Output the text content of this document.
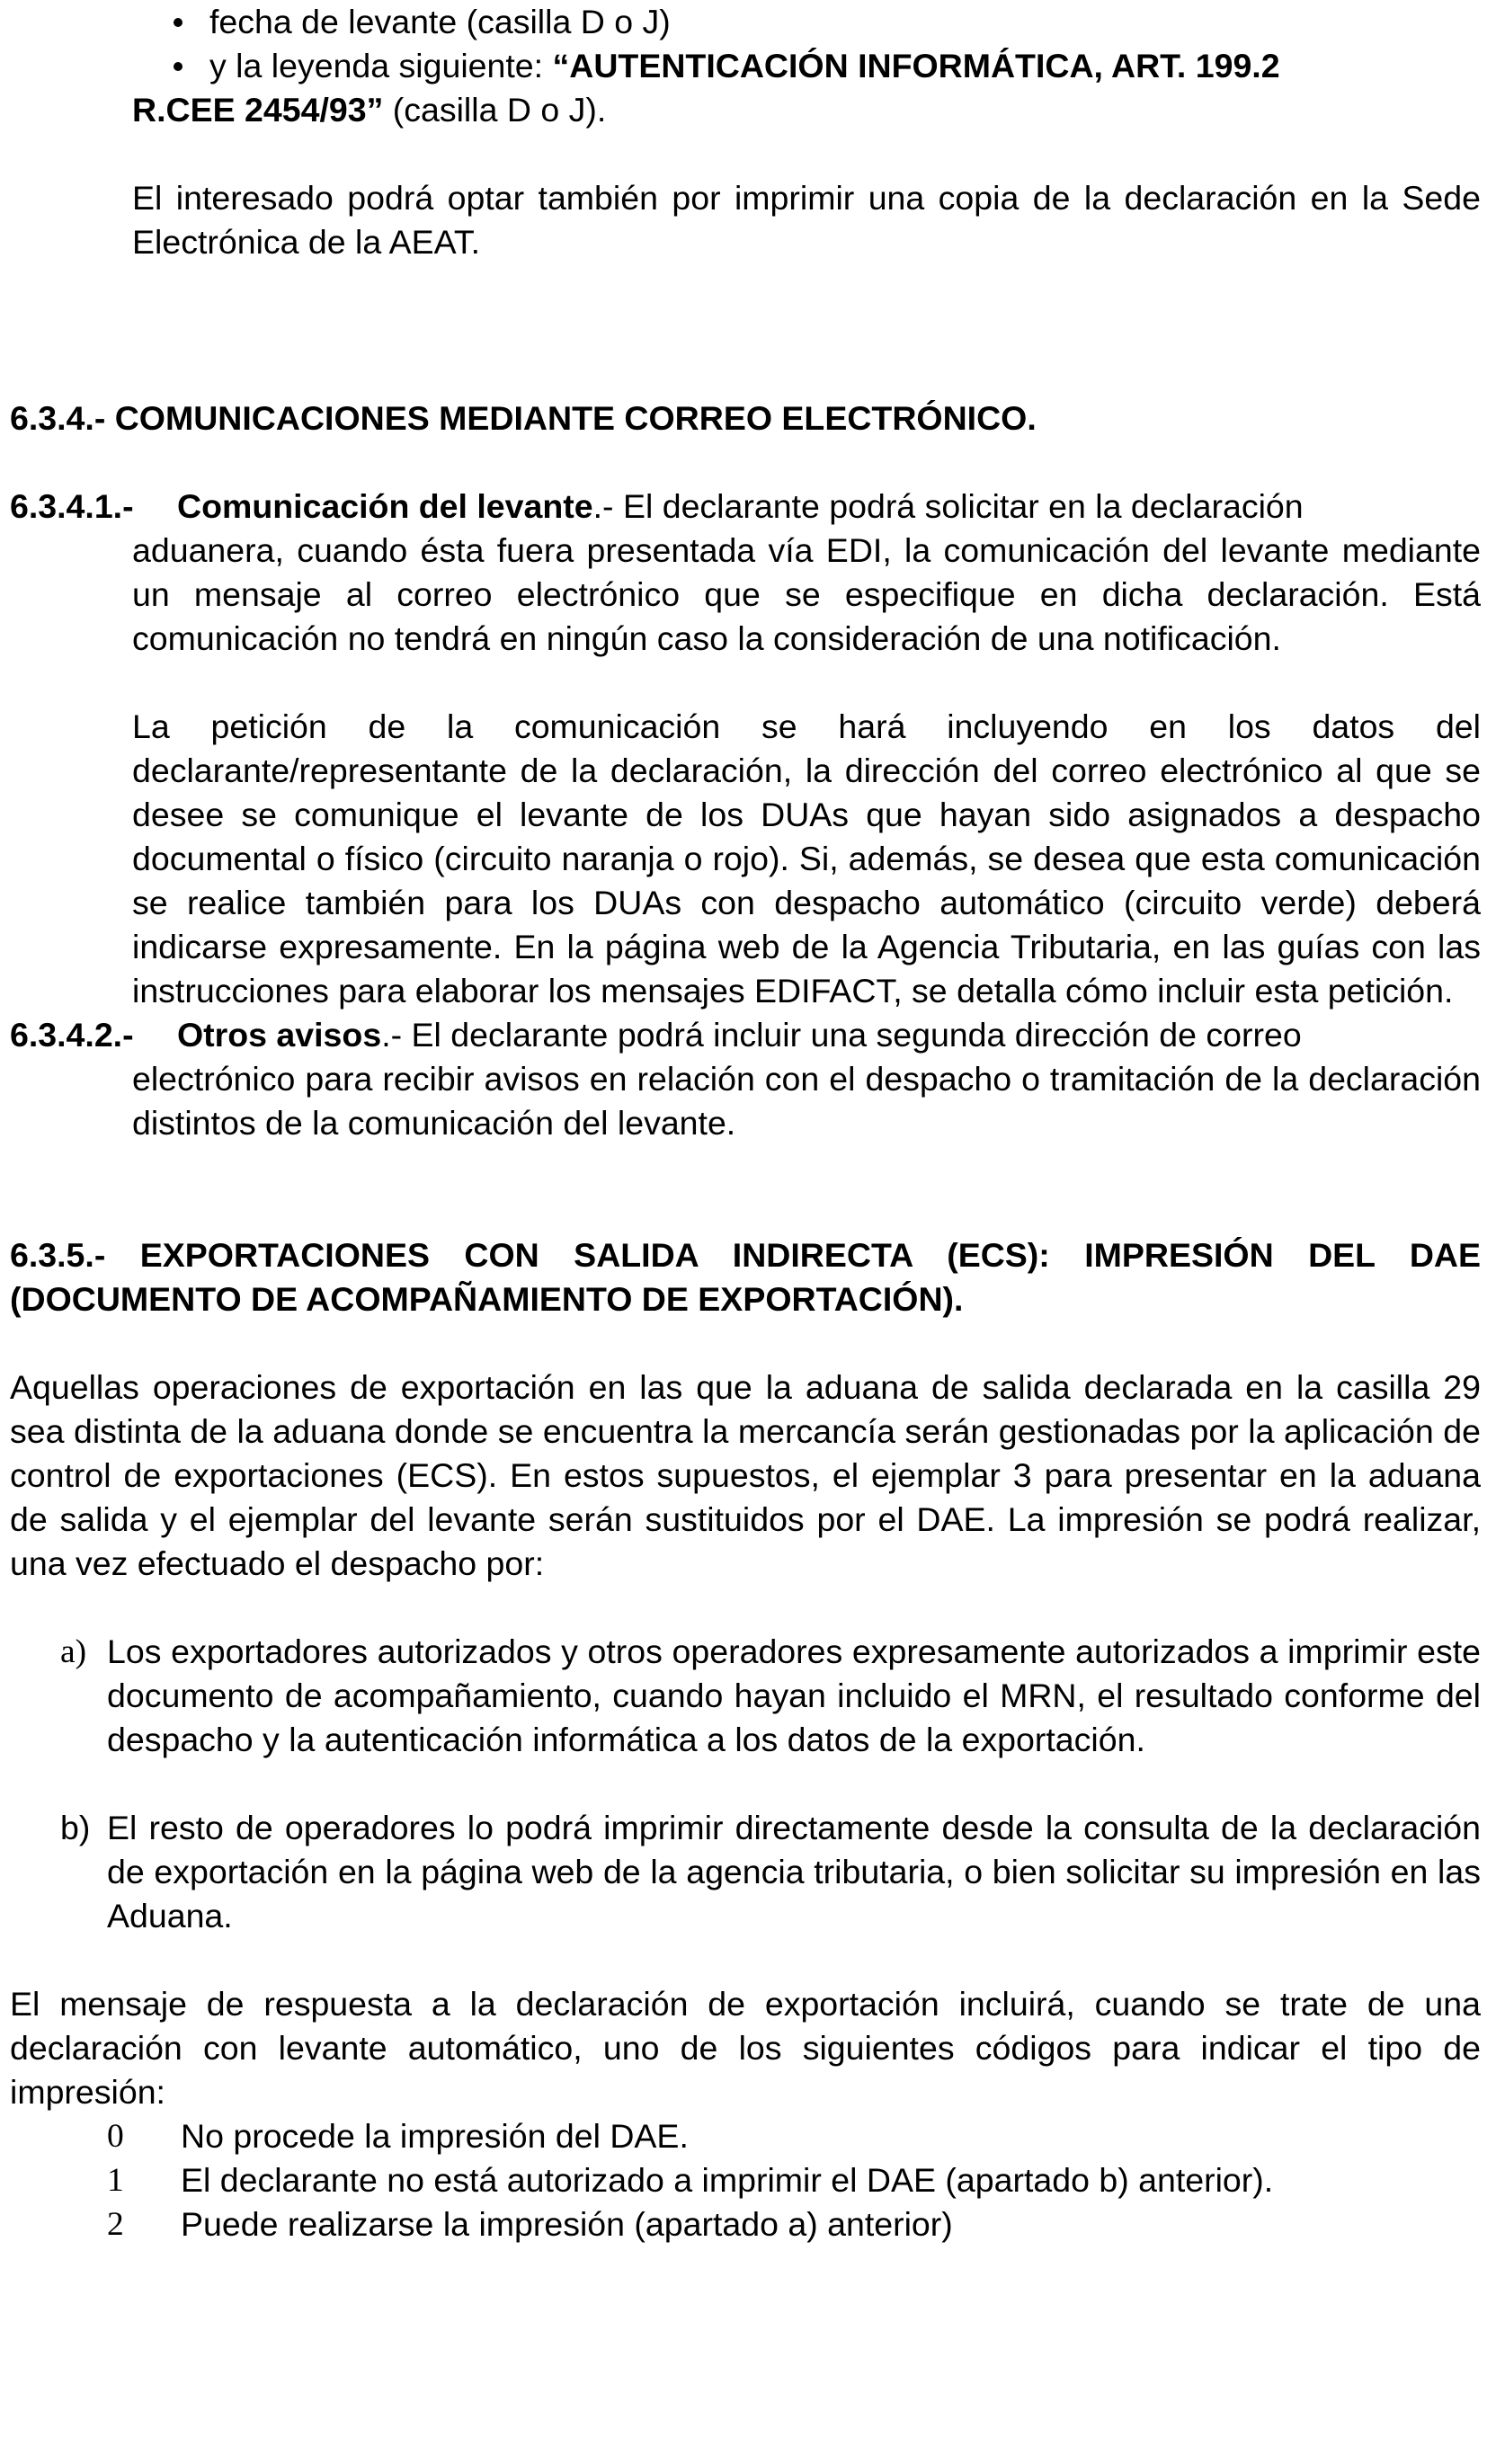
fecha de levante (casilla D o J)
y la leyenda siguiente: “AUTENTICACIÓN INFORMÁTICA, ART. 199.2
R.CEE 2454/93” (casilla D o J).

El interesado podrá optar también por imprimir una copia de la declaración en la Sede Electrónica de la AEAT.

6.3.4.- COMUNICACIONES MEDIANTE CORREO ELECTRÓNICO.

6.3.4.1.- Comunicación del levante.- El declarante podrá solicitar en la declaración

aduanera, cuando ésta fuera presentada vía EDI, la comunicación del levante mediante un mensaje al correo electrónico que se especifique en dicha declaración. Está comunicación no tendrá en ningún caso la consideración de una notificación.

La petición de la comunicación se hará incluyendo en los datos del declarante/representante de la declaración, la dirección del correo electrónico al que se desee se comunique el levante de los DUAs que hayan sido asignados a despacho documental o físico (circuito naranja o rojo). Si, además, se desea que esta comunicación se realice también para los DUAs con despacho automático (circuito verde) deberá indicarse expresamente. En la página web de la Agencia Tributaria, en las guías con las instrucciones para elaborar los mensajes EDIFACT, se detalla cómo incluir esta petición.

6.3.4.2.- Otros avisos.- El declarante podrá incluir una segunda dirección de correo

electrónico para recibir avisos en relación con el despacho o tramitación de la declaración distintos de la comunicación del levante.

6.3.5.- EXPORTACIONES CON SALIDA INDIRECTA (ECS): IMPRESIÓN DEL DAE (DOCUMENTO DE ACOMPAÑAMIENTO DE EXPORTACIÓN).

Aquellas operaciones de exportación en las que la aduana de salida declarada en la casilla 29 sea distinta de la aduana donde se encuentra la mercancía serán gestionadas por la aplicación de control de exportaciones (ECS). En estos supuestos, el ejemplar 3 para presentar en la aduana de salida y el ejemplar del levante serán sustituidos por el DAE. La impresión se podrá realizar, una vez efectuado el despacho por:

a) Los exportadores autorizados y otros operadores expresamente autorizados a imprimir este documento de acompañamiento, cuando hayan incluido el MRN, el resultado conforme del despacho y la autenticación informática a los datos de la exportación.

b) El resto de operadores lo podrá imprimir directamente desde la consulta de la declaración de exportación en la página web de la agencia tributaria, o bien solicitar su impresión en las Aduana.

El mensaje de respuesta a la declaración de exportación incluirá, cuando se trate de una declaración con levante automático, uno de los siguientes códigos para indicar el tipo de impresión:

0 No procede la impresión del DAE.
1 El declarante no está autorizado a imprimir el DAE (apartado b) anterior).
2 Puede realizarse la impresión (apartado a) anterior)
